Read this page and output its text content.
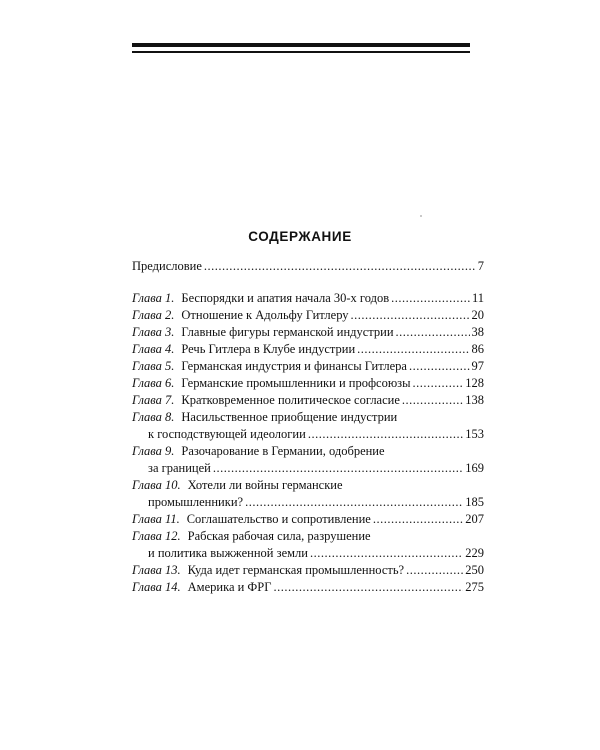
СОДЕРЖАНИЕ
Предисловие .....	7
Глава 1. Беспорядки и апатия начала 30-х годов .....	11
Глава 2. Отношение к Адольфу Гитлеру .....	20
Глава 3. Главные фигуры германской индустрии .....	38
Глава 4. Речь Гитлера в Клубе индустрии .....	86
Глава 5. Германская индустрия и финансы Гитлера .....	97
Глава 6. Германские промышленники и профсоюзы .....	128
Глава 7. Кратковременное политическое согласие .....	138
Глава 8. Насильственное приобщение индустрии
к господствующей идеологии .....	153
Глава 9. Разочарование в Германии, одобрение
за границей .....	169
Глава 10. Хотели ли войны германские
промышленники? .....	185
Глава 11. Соглашательство и сопротивление .....	207
Глава 12. Рабская рабочая сила, разрушение
и политика выжженной земли .....	229
Глава 13. Куда идет германская промышленность? .....	250
Глава 14. Америка и ФРГ .....	275
